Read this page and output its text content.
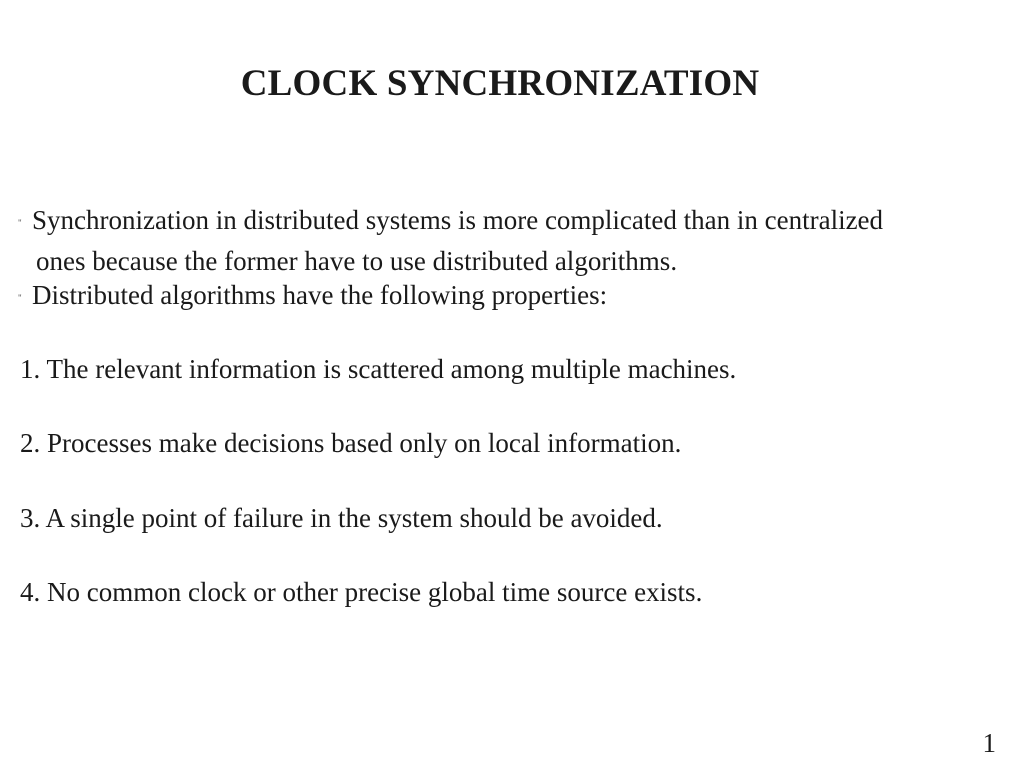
CLOCK SYNCHRONIZATION
" Synchronization in distributed systems is more complicated than in centralized
ones because the former have to use distributed algorithms.
" Distributed algorithms have the following properties:
1. The relevant information is scattered among multiple machines.
2. Processes make decisions based only on local information.
3. A single point of failure in the system should be avoided.
4. No common clock or other precise global time source exists.
1
